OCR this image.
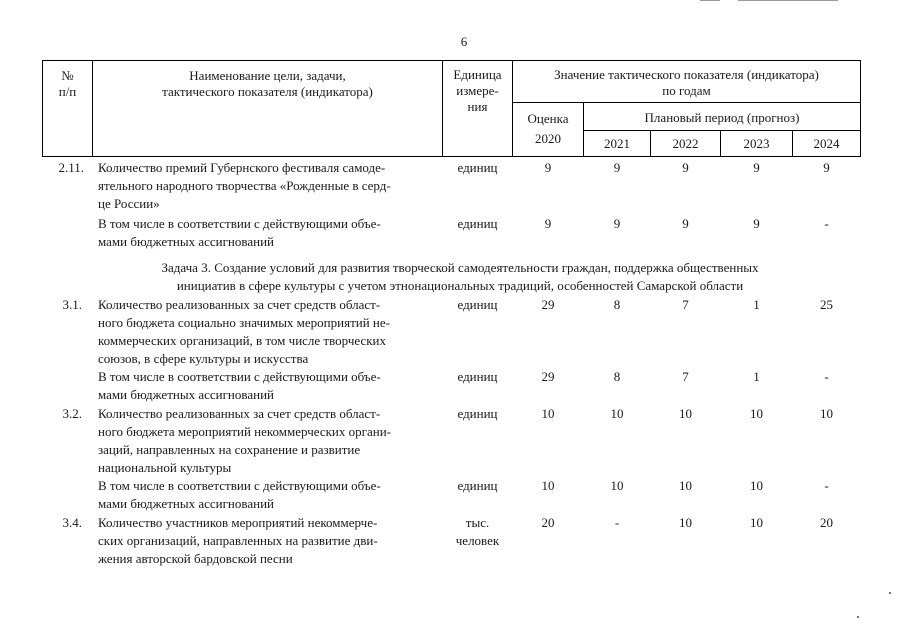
6
№
п/п
Наименование цели, задачи,
тактического показателя (индикатора)
Единица
измере-
ния
Значение тактического показателя (индикатора)
по годам
Оценка
2020
Плановый период (прогноз)
2021	2022	2023	2024
2.11. Количество премий Губернского фестиваля самоде-
ятельного народного творчества «Рожденные в серд-
це России»
единиц	9	9	9	9	9
В том числе в соответствии с действующими объе-
мами бюджетных ассигнований
единиц	9	9	9	9	-
Задача 3. Создание условий для развития творческой самодеятельности граждан, поддержка общественных
инициатив в сфере культуры с учетом этнонациональных традиций, особенностей Самарской области
3.1. Количество реализованных за счет средств област-
ного бюджета социально значимых мероприятий не-
коммерческих организаций, в том числе творческих
союзов, в сфере культуры и искусства
единиц	29	8	7	1	25
В том числе в соответствии с действующими объе-
мами бюджетных ассигнований
единиц	29	8	7	1	-
3.2. Количество реализованных за счет средств област-
ного бюджета мероприятий некоммерческих органи-
заций, направленных на сохранение и развитие
национальной культуры
единиц	10	10	10	10	10
В том числе в соответствии с действующими объе-
мами бюджетных ассигнований
единиц	10	10	10	10	-
3.4. Количество участников мероприятий некоммерче-
ских организаций, направленных на развитие дви-
жения авторской бардовской песни
тыс.
человек
20	-	10	10	20
